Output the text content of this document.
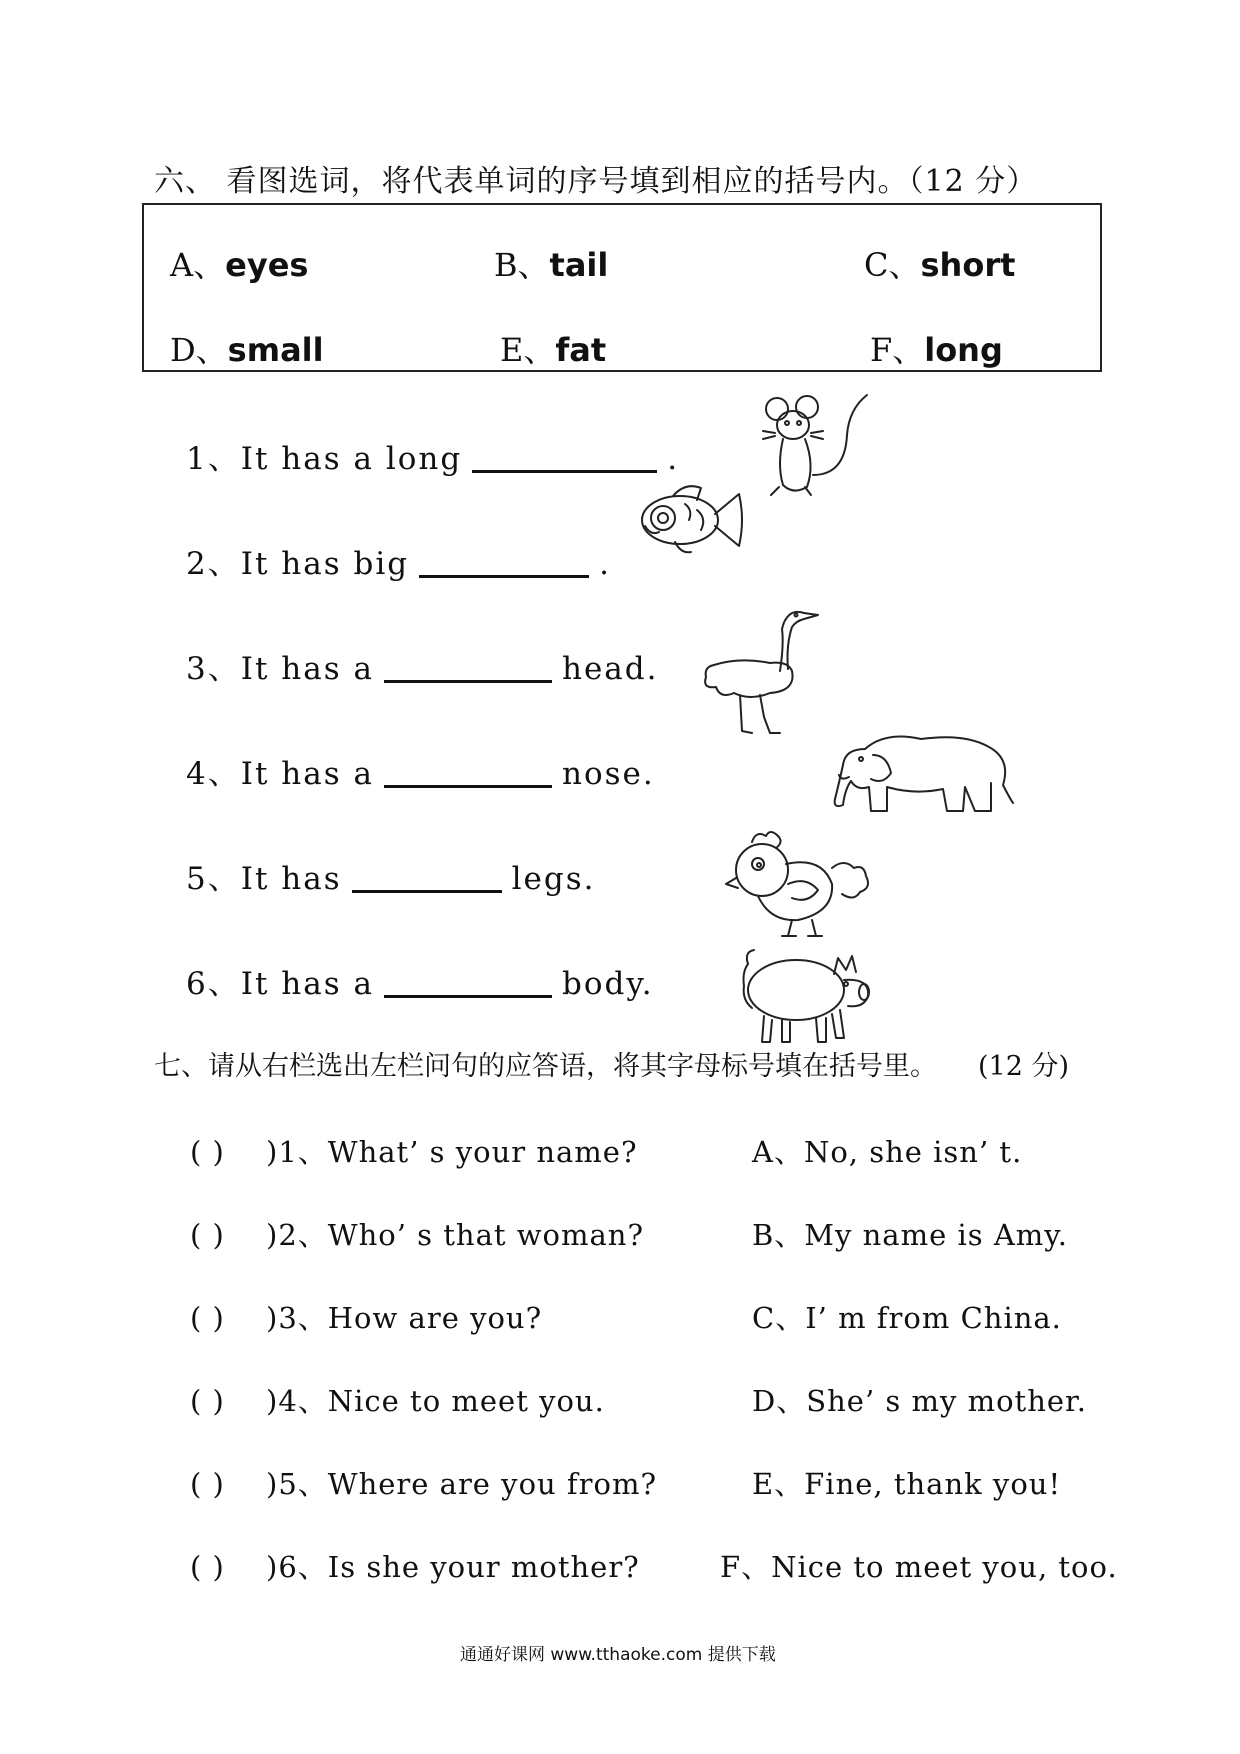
六、 看图选词，将代表单词的序号填到相应的括号内。（12 分）
A、eyes	B、tail	C、short
D、small	E、fat	F、long
1、It has a long	.
2、It has big	.
3、It has a	head.
4、It has a	nose.
5、It has	legs.
6、It has a	body.
七、请从右栏选出左栏问句的应答语，将其字母标号填在括号里。 (12 分)
( ) )1、What’ s your name?	A、No, she isn’ t.
( ) )2、Who’ s that woman?	B、My name is Amy.
( ) )3、How are you?	C、I’ m from China.
( ) )4、Nice to meet you.	D、She’ s my mother.
( ) )5、Where are you from?	E、Fine, thank you!
( ) )6、Is she your mother?	F、Nice to meet you, too.
通通好课网 www.tthaoke.com 提供下载
